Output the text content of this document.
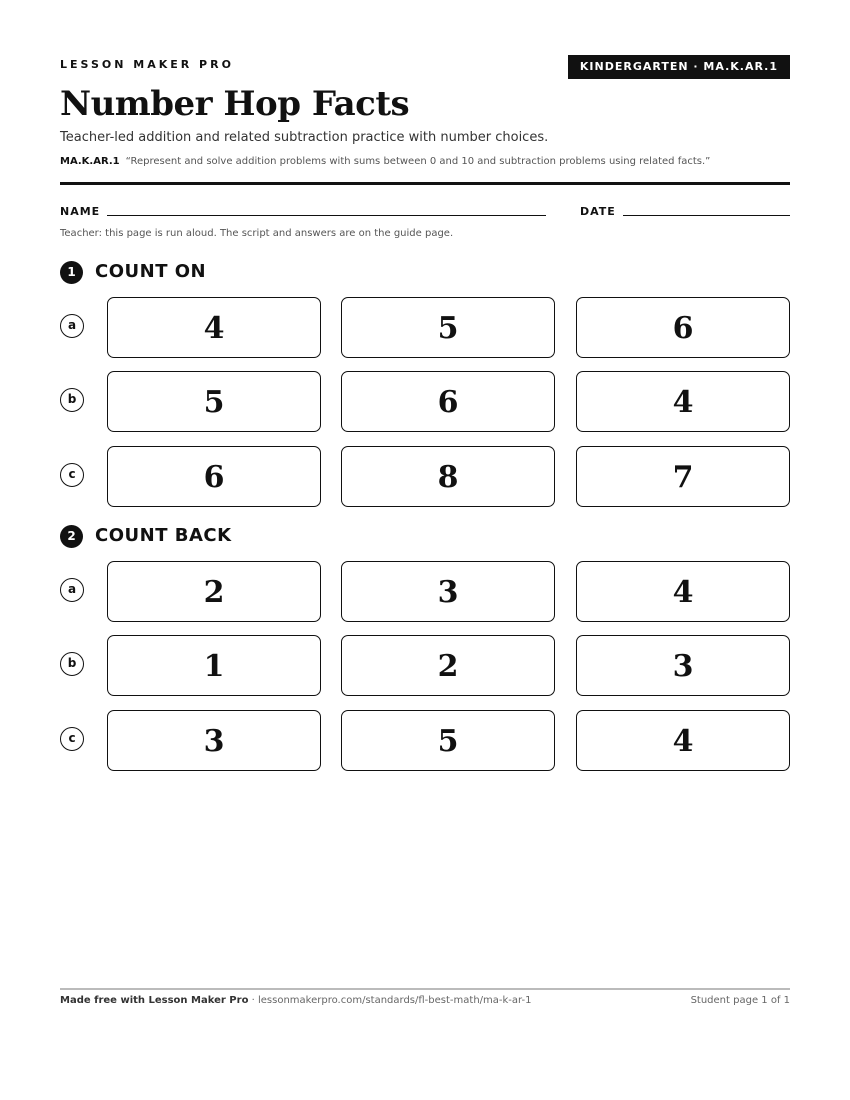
LESSON MAKER PRO	KINDERGARTEN · MA.K.AR.1
Number Hop Facts
Teacher-led addition and related subtraction practice with number choices.
MA.K.AR.1 “Represent and solve addition problems with sums between 0 and 10 and subtraction problems using related facts.”
NAME	DATE
Teacher: this page is run aloud. The script and answers are on the guide page.
1	COUNT ON
a	4	5	6
b	5	6	4
c	6	8	7
2	COUNT BACK
a	2	3	4
b	1	2	3
c	3	5	4
Made free with Lesson Maker Pro · lessonmakerpro.com/standards/fl-best-math/ma-k-ar-1	Student page 1 of 1
